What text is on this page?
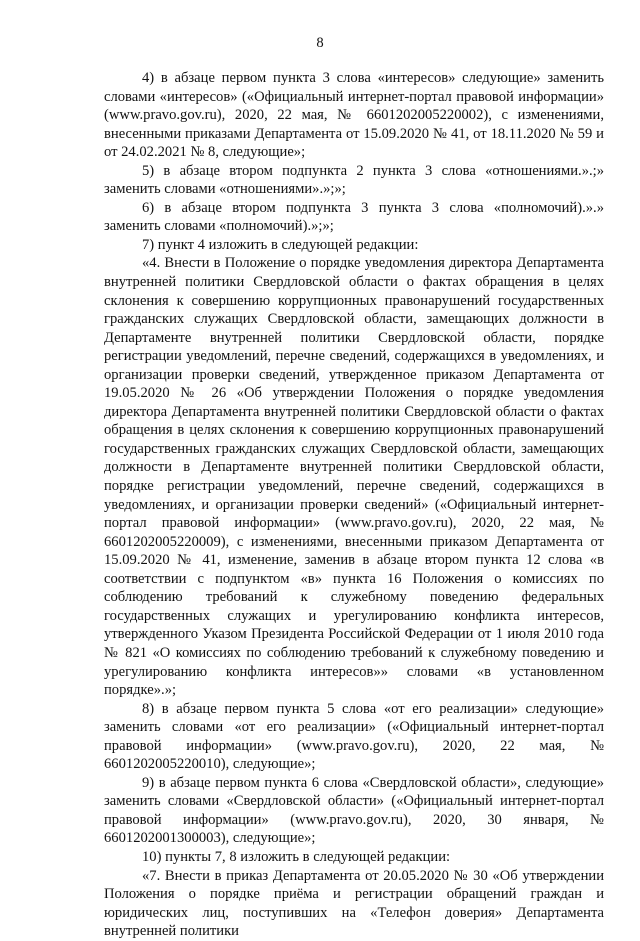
8

4) в абзаце первом пункта 3 слова «интересов» следующие» заменить словами «интересов» («Официальный интернет-портал правовой информации» (www.pravo.gov.ru), 2020, 22 мая, № 6601202005220002), с изменениями, внесенными приказами Департамента от 15.09.2020 № 41, от 18.11.2020 № 59 и от 24.02.2021 № 8, следующие»;

5) в абзаце втором подпункта 2 пункта 3 слова «отношениями.».;» заменить словами «отношениями».»;»;

6) в абзаце втором подпункта 3 пункта 3 слова «полномочий).».» заменить словами «полномочий).»;»;

7) пункт 4 изложить в следующей редакции:

«4. Внести в Положение о порядке уведомления директора Департамента внутренней политики Свердловской области о фактах обращения в целях склонения к совершению коррупционных правонарушений государственных гражданских служащих Свердловской области, замещающих должности в Департаменте внутренней политики Свердловской области, порядке регистрации уведомлений, перечне сведений, содержащихся в уведомлениях, и организации проверки сведений, утвержденное приказом Департамента от 19.05.2020 № 26 «Об утверждении Положения о порядке уведомления директора Департамента внутренней политики Свердловской области о фактах обращения в целях склонения к совершению коррупционных правонарушений государственных гражданских служащих Свердловской области, замещающих должности в Департаменте внутренней политики Свердловской области, порядке регистрации уведомлений, перечне сведений, содержащихся в уведомлениях, и организации проверки сведений» («Официальный интернет-портал правовой информации» (www.pravo.gov.ru), 2020, 22 мая, № 6601202005220009), с изменениями, внесенными приказом Департамента от 15.09.2020 № 41, изменение, заменив в абзаце втором пункта 12 слова «в соответствии с подпунктом «в» пункта 16 Положения о комиссиях по соблюдению требований к служебному поведению федеральных государственных служащих и урегулированию конфликта интересов, утвержденного Указом Президента Российской Федерации от 1 июля 2010 года № 821 «О комиссиях по соблюдению требований к служебному поведению и урегулированию конфликта интересов»» словами «в установленном порядке».»;

8) в абзаце первом пункта 5 слова «от его реализации» следующие» заменить словами «от его реализации» («Официальный интернет-портал правовой информации» (www.pravo.gov.ru), 2020, 22 мая, № 6601202005220010), следующие»;

9) в абзаце первом пункта 6 слова «Свердловской области», следующие» заменить словами «Свердловской области» («Официальный интернет-портал правовой информации» (www.pravo.gov.ru), 2020, 30 января, № 6601202001300003), следующие»;

10) пункты 7, 8 изложить в следующей редакции:

«7. Внести в приказ Департамента от 20.05.2020 № 30 «Об утверждении Положения о порядке приёма и регистрации обращений граждан и юридических лиц, поступивших на «Телефон доверия» Департамента внутренней политики
